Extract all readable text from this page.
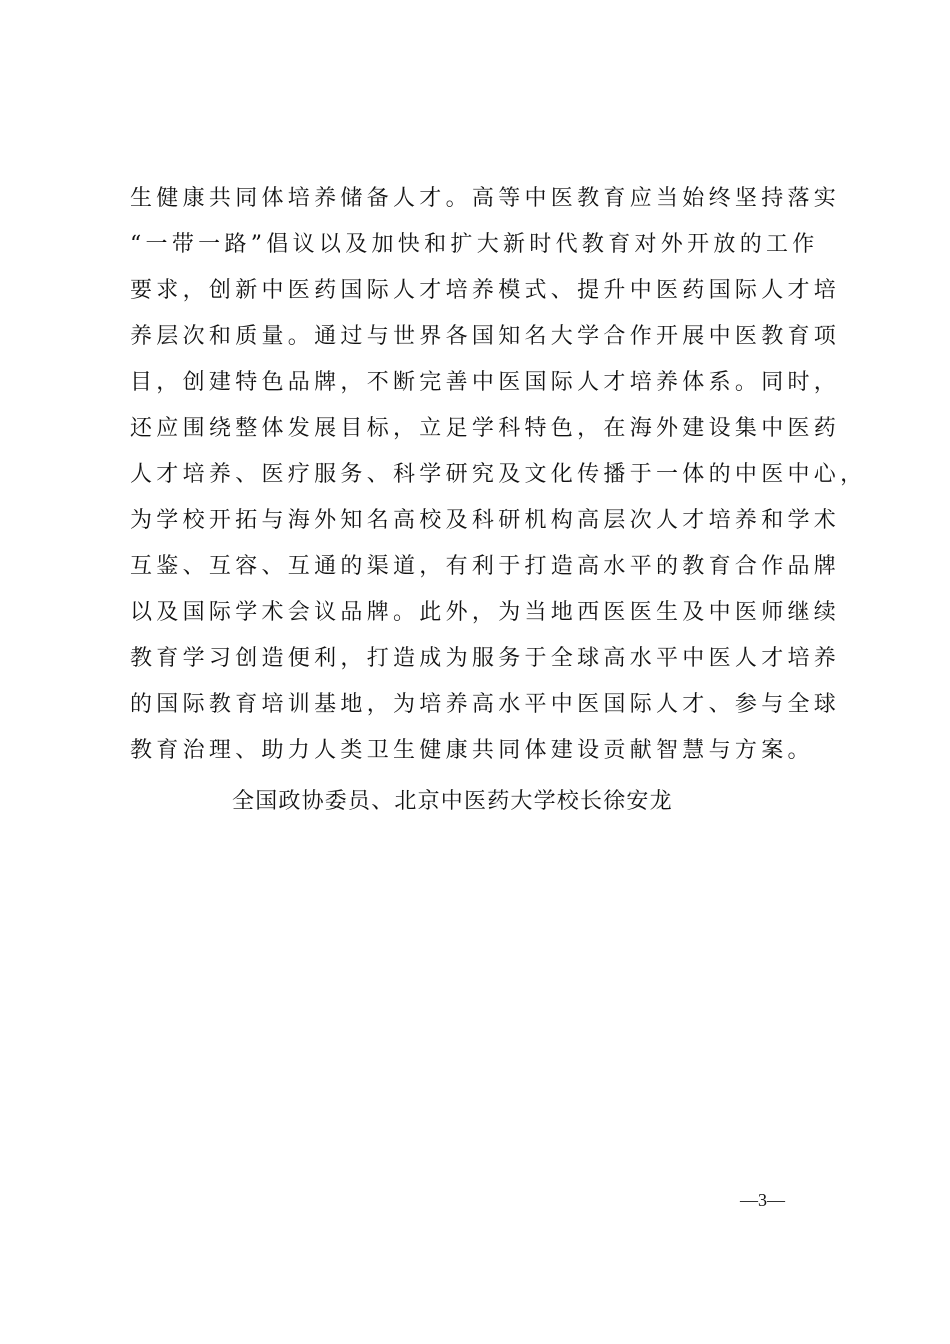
生健康共同体培养储备人才。高等中医教育应当始终坚持落实
“一带一路”倡议以及加快和扩大新时代教育对外开放的工作
要求，创新中医药国际人才培养模式、提升中医药国际人才培
养层次和质量。通过与世界各国知名大学合作开展中医教育项
目，创建特色品牌，不断完善中医国际人才培养体系。同时，
还应围绕整体发展目标，立足学科特色，在海外建设集中医药
人才培养、医疗服务、科学研究及文化传播于一体的中医中心，
为学校开拓与海外知名高校及科研机构高层次人才培养和学术
互鉴、互容、互通的渠道，有利于打造高水平的教育合作品牌
以及国际学术会议品牌。此外，为当地西医医生及中医师继续
教育学习创造便利，打造成为服务于全球高水平中医人才培养
的国际教育培训基地，为培养高水平中医国际人才、参与全球
教育治理、助力人类卫生健康共同体建设贡献智慧与方案。
全国政协委员、北京中医药大学校长徐安龙
—3—
